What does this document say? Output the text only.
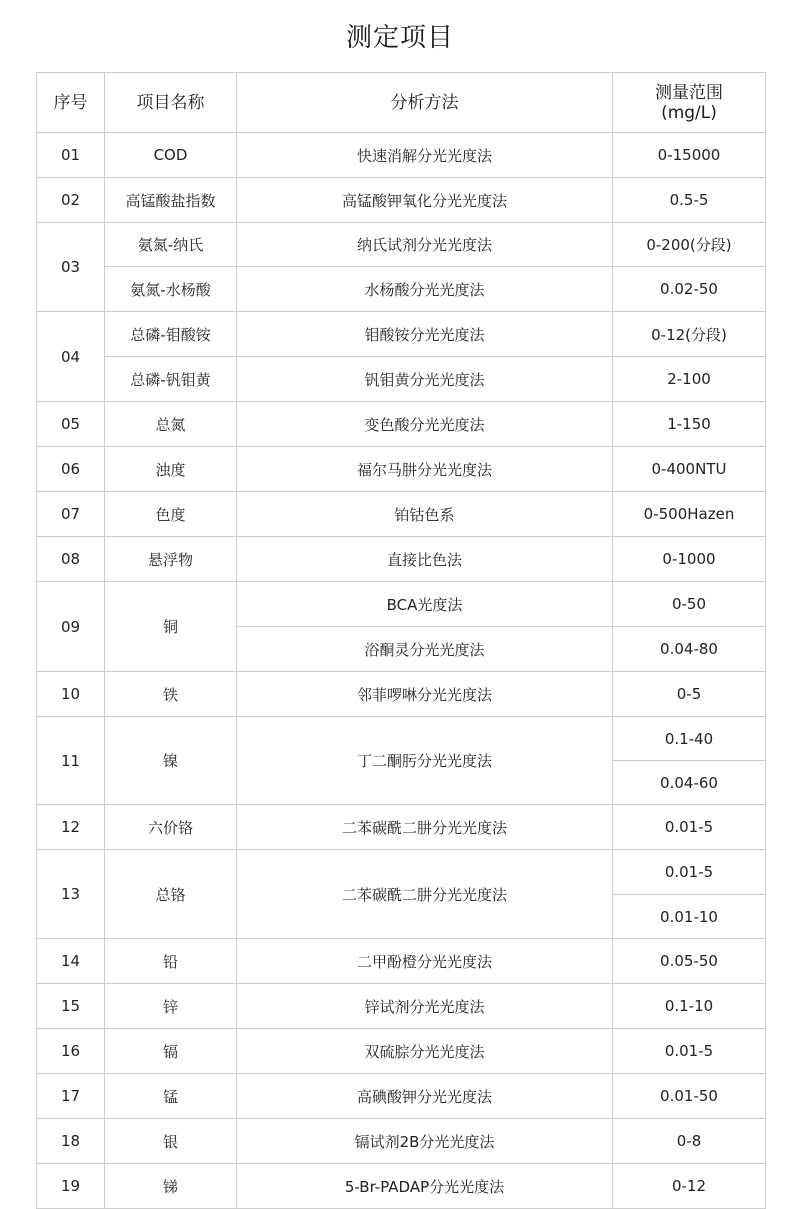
测定项目
序号	项目名称	分析方法	测量范围
(mg/L)

01	COD	快速消解分光光度法	0-15000
02	高锰酸盐指数	高锰酸钾氧化分光光度法	0.5-5
03	氨氮-纳氏	纳氏试剂分光光度法	0-200(分段)
	氨氮-水杨酸	水杨酸分光光度法	0.02-50
04	总磷-钼酸铵	钼酸铵分光光度法	0-12(分段)
	总磷-钒钼黄	钒钼黄分光光度法	2-100
05	总氮	变色酸分光光度法	1-150
06	浊度	福尔马肼分光光度法	0-400NTU
07	色度	铂钴色系	0-500Hazen
08	悬浮物	直接比色法	0-1000
09	铜	BCA光度法	0-50
		浴酮灵分光光度法	0.04-80
10	铁	邻菲啰啉分光光度法	0-5
11	镍	丁二酮肟分光光度法	0.1-40
			0.04-60
12	六价铬	二苯碳酰二肼分光光度法	0.01-5
13	总铬	二苯碳酰二肼分光光度法	0.01-5
			0.01-10
14	铅	二甲酚橙分光光度法	0.05-50
15	锌	锌试剂分光光度法	0.1-10
16	镉	双硫腙分光光度法	0.01-5
17	锰	高碘酸钾分光光度法	0.01-50
18	银	镉试剂2B分光光度法	0-8
19	锑	5-Br-PADAP分光光度法	0-12
